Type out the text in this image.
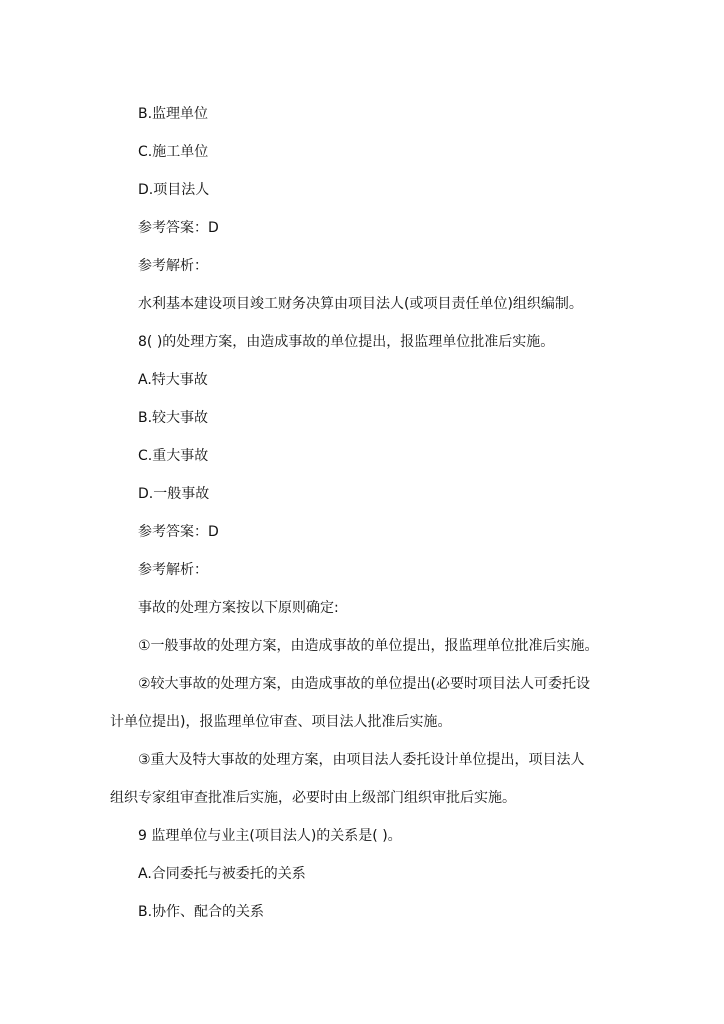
B.监理单位
C.施工单位
D.项目法人
参考答案：D
参考解析：
水利基本建设项目竣工财务决算由项目法人(或项目责任单位)组织编制。
8( )的处理方案，由造成事故的单位提出，报监理单位批准后实施。
A.特大事故
B.较大事故
C.重大事故
D.一般事故
参考答案：D
参考解析：
事故的处理方案按以下原则确定:
①一般事故的处理方案，由造成事故的单位提出，报监理单位批准后实施。
②较大事故的处理方案，由造成事故的单位提出(必要时项目法人可委托设
计单位提出)，报监理单位审查、项目法人批准后实施。
③重大及特大事故的处理方案，由项目法人委托设计单位提出，项目法人
组织专家组审查批准后实施，必要时由上级部门组织审批后实施。
9 监理单位与业主(项目法人)的关系是( )。
A.合同委托与被委托的关系
B.协作、配合的关系
